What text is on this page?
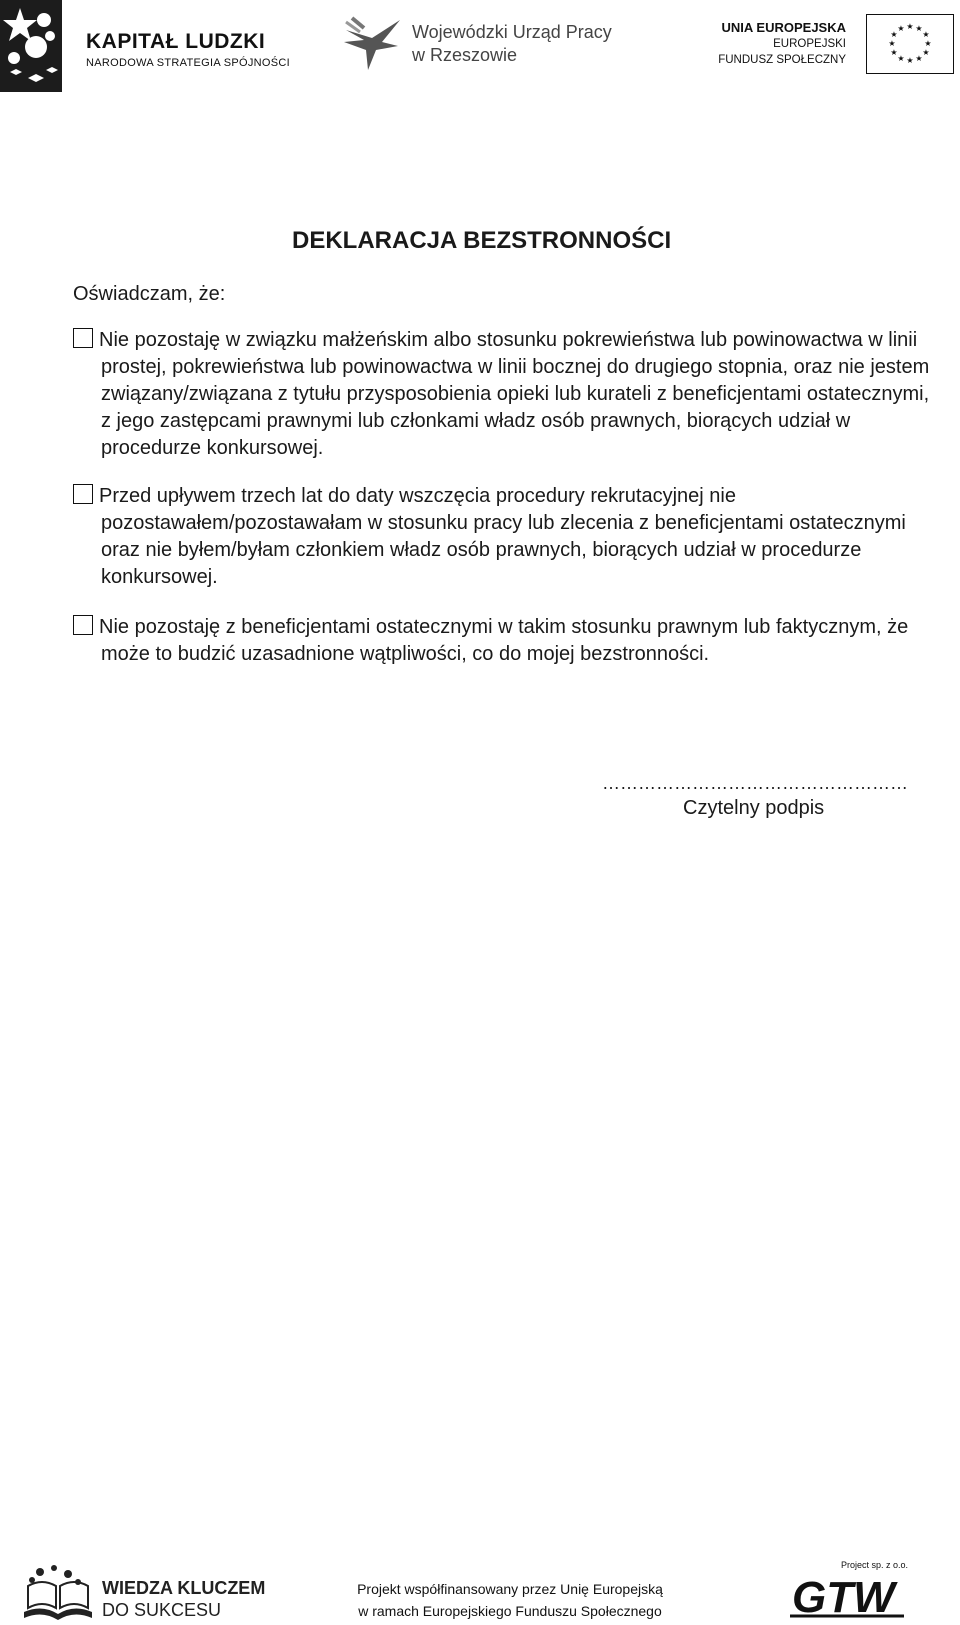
KAPITAŁ LUDZKI
NARODOWA STRATEGIA SPÓJNOŚCI
Wojewódzki Urząd Pracy
w Rzeszowie
UNIA EUROPEJSKA
EUROPEJSKI
FUNDUSZ SPOŁECZNY
★ ★
★
★
★
★
★
★
★
★
★
★
DEKLARACJA BEZSTRONNOŚCI
Oświadczam, że:
Nie pozostaję w związku małżeńskim albo stosunku pokrewieństwa lub powinowactwa w linii prostej, pokrewieństwa lub powinowactwa w linii bocznej do drugiego stopnia, oraz nie jestem związany/związana z tytułu przysposobienia opieki lub kurateli z beneficjentami ostatecznymi, z jego zastępcami prawnymi lub członkami władz osób prawnych, biorących udział w procedurze konkursowej.
Przed upływem trzech lat do daty wszczęcia procedury rekrutacyjnej nie pozostawałem/pozostawałam w stosunku pracy lub zlecenia z beneficjentami ostatecznymi oraz nie byłem/byłam członkiem władz osób prawnych, biorących udział w procedurze konkursowej.
Nie pozostaję z beneficjentami ostatecznymi w takim stosunku prawnym lub faktycznym, że może to budzić uzasadnione wątpliwości, co do mojej bezstronności.
……………………………………………
Czytelny podpis
WIEDZA KLUCZEM
DO SUKCESU
Projekt współfinansowany przez Unię Europejską
w ramach Europejskiego Funduszu Społecznego
Project sp. z o.o.
GTW
